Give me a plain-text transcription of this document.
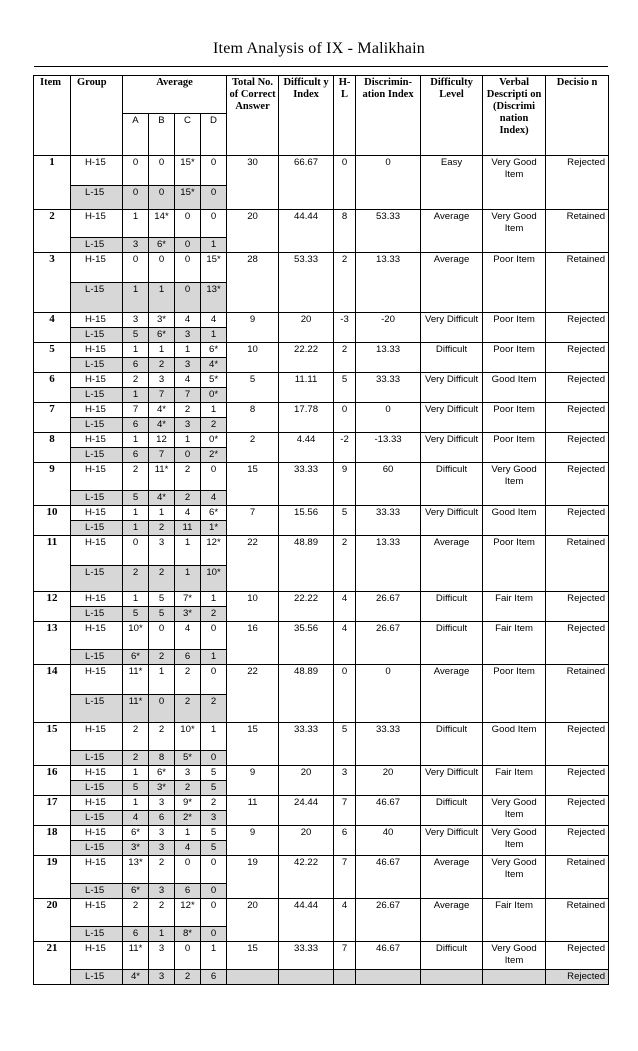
Item Analysis of IX - Malikhain
Item	Group	Average				Total No. of Correct Answer	Difficult y Index	H-L	Discrimin-ation Index	Difficulty Level	Verbal Descripti on (Discrimi nation Index)	Decisio n
		A	B	C	D							
1	H-15	0	0	15*	0	30	66.67	0	0	Easy	Very Good Item	Rejected
	L-15	0	0	15*	0							
2	H-15	1	14*	0	0	20	44.44	8	53.33	Average	Very Good Item	Retained
	L-15	3	6*	0	1							
3	H-15	0	0	0	15*	28	53.33	2	13.33	Average	Poor Item	Retained
	L-15	1	1	0	13*							
4	H-15	3	3*	4	4	9	20	-3	-20	Very Difficult	Poor Item	Rejected
	L-15	5	6*	3	1							
5	H-15	1	1	1	6*	10	22.22	2	13.33	Difficult	Poor Item	Rejected
	L-15	6	2	3	4*							
6	H-15	2	3	4	5*	5	11.11	5	33.33	Very Difficult	Good Item	Rejected
	L-15	1	7	7	0*							
7	H-15	7	4*	2	1	8	17.78	0	0	Very Difficult	Poor Item	Rejected
	L-15	6	4*	3	2							
8	H-15	1	12	1	0*	2	4.44	-2	-13.33	Very Difficult	Poor Item	Rejected
	L-15	6	7	0	2*							
9	H-15	2	11*	2	0	15	33.33	9	60	Difficult	Very Good Item	Rejected
	L-15	5	4*	2	4							
10	H-15	1	1	4	6*	7	15.56	5	33.33	Very Difficult	Good Item	Rejected
	L-15	1	2	11	1*							
11	H-15	0	3	1	12*	22	48.89	2	13.33	Average	Poor Item	Retained
	L-15	2	2	1	10*							
12	H-15	1	5	7*	1	10	22.22	4	26.67	Difficult	Fair Item	Rejected
	L-15	5	5	3*	2							
13	H-15	10*	0	4	0	16	35.56	4	26.67	Difficult	Fair Item	Rejected
	L-15	6*	2	6	1							
14	H-15	11*	1	2	0	22	48.89	0	0	Average	Poor Item	Retained
	L-15	11*	0	2	2							
15	H-15	2	2	10*	1	15	33.33	5	33.33	Difficult	Good Item	Rejected
	L-15	2	8	5*	0							
16	H-15	1	6*	3	5	9	20	3	20	Very Difficult	Fair Item	Rejected
	L-15	5	3*	2	5							
17	H-15	1	3	9*	2	11	24.44	7	46.67	Difficult	Very Good Item	Rejected
	L-15	4	6	2*	3							
18	H-15	6*	3	1	5	9	20	6	40	Very Difficult	Very Good Item	Rejected
	L-15	3*	3	4	5							
19	H-15	13*	2	0	0	19	42.22	7	46.67	Average	Very Good Item	Retained
	L-15	6*	3	6	0							
20	H-15	2	2	12*	0	20	44.44	4	26.67	Average	Fair Item	Retained
	L-15	6	1	8*	0							
21	H-15	11*	3	0	1	15	33.33	7	46.67	Difficult	Very Good Item	Rejected
	L-15	4*	3	2	6							Rejected
